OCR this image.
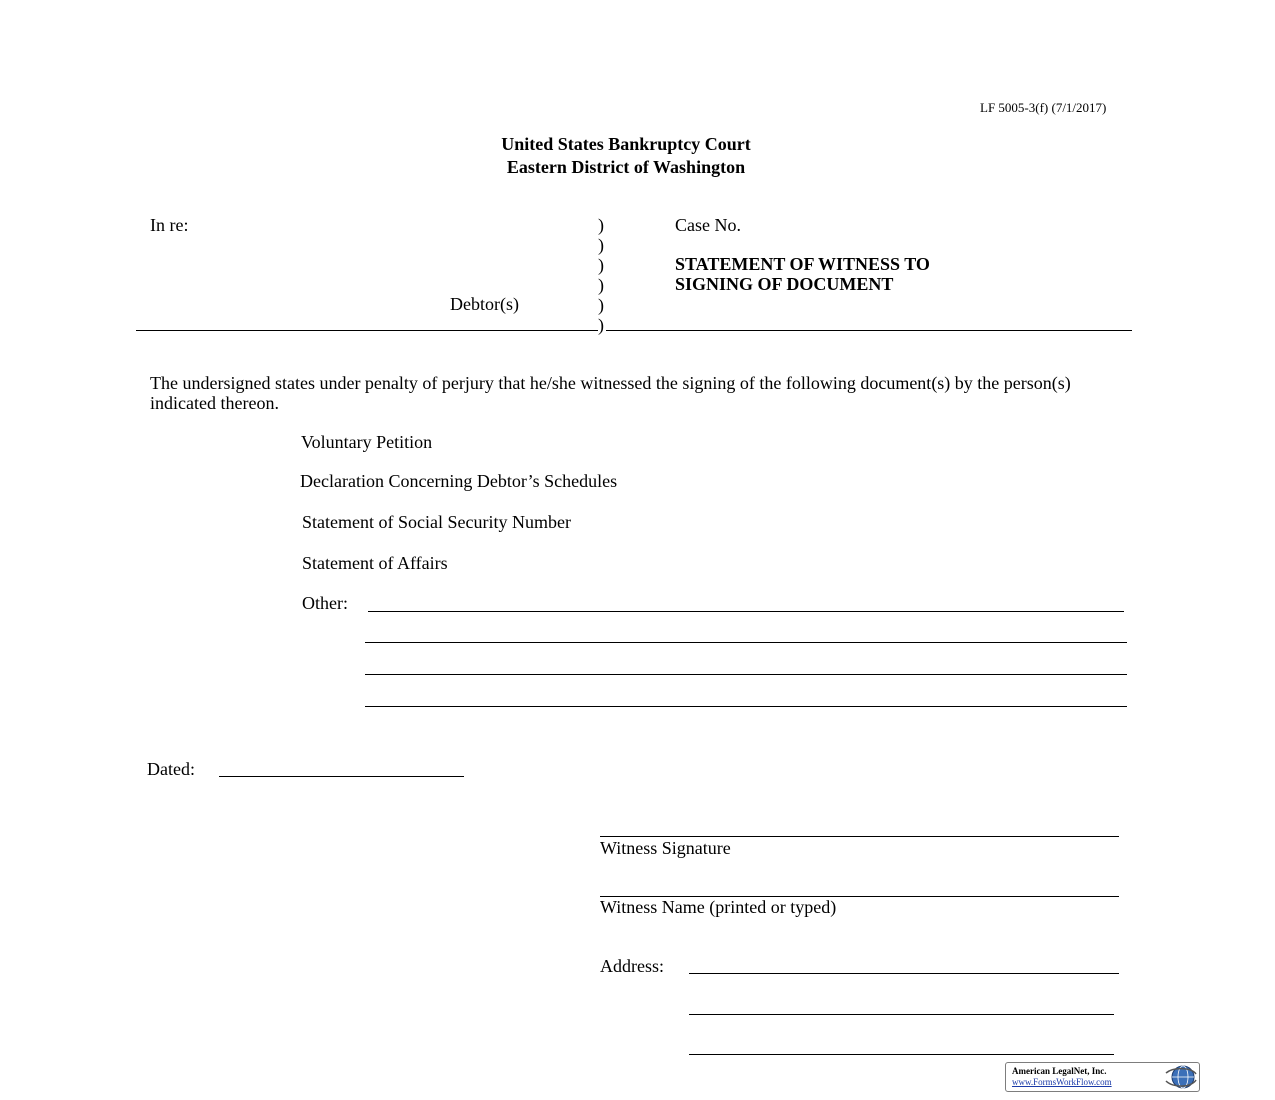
LF 5005-3(f) (7/1/2017)
United States Bankruptcy Court
Eastern District of Washington
In re:	)
)
)
)
)
)
Case No.
STATEMENT OF WITNESS TO
SIGNING OF DOCUMENT
Debtor(s)
The undersigned states under penalty of perjury that he/she witnessed the signing of the following document(s) by the person(s) indicated thereon.
Voluntary Petition
Declaration Concerning Debtor’s Schedules
Statement of Social Security Number
Statement of Affairs
Other:
Dated:
Witness Signature
Witness Name (printed or typed)
Address:
American LegalNet, Inc.
www.FormsWorkFlow.com
